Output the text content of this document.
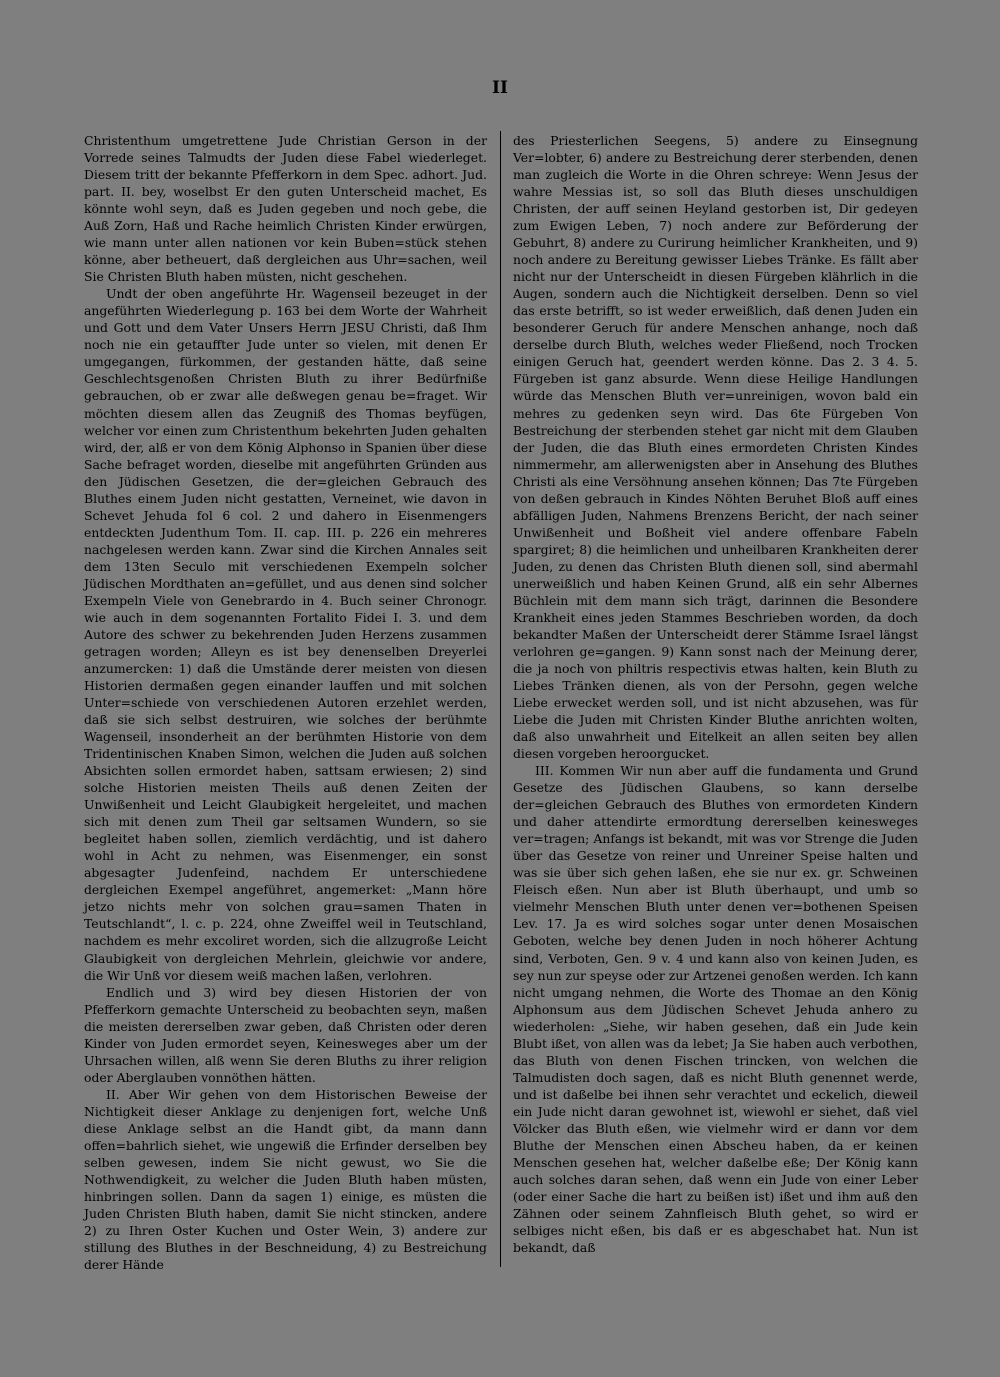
II

Christenthum umgetrettene Jude Christian Gerson in der Vorrede seines Talmudts der Juden diese Fabel wiederleget. Diesem tritt der bekannte Pfefferkorn in dem Spec. adhort. Jud. part. II. bey, woselbst Er den guten Unterscheid machet, Es könnte wohl seyn, daß es Juden gegeben und noch gebe, die Auß Zorn, Haß und Rache heimlich Christen Kinder erwürgen, wie mann unter allen nationen vor kein Buben=stück stehen könne, aber betheuert, daß dergleichen aus Uhr=sachen, weil Sie Christen Bluth haben müsten, nicht geschehen.

Undt der oben angeführte Hr. Wagenseil bezeuget in der angeführten Wiederlegung p. 163 bei dem Worte der Wahrheit und Gott und dem Vater Unsers Herrn JESU Christi, daß Ihm noch nie ein getauffter Jude unter so vielen, mit denen Er umgegangen, fürkommen, der gestanden hätte, daß seine Geschlechtsgenoßen Christen Bluth zu ihrer Bedürfniße gebrauchen, ob er zwar alle deßwegen genau be=fraget. Wir möchten diesem allen das Zeugniß des Thomas beyfügen, welcher vor einen zum Christenthum bekehrten Juden gehalten wird, der, alß er von dem König Alphonso in Spanien über diese Sache befraget worden, dieselbe mit angeführten Gründen aus den Jüdischen Gesetzen, die der=gleichen Gebrauch des Bluthes einem Juden nicht gestatten, Verneinet, wie davon in Schevet Jehuda fol 6 col. 2 und dahero in Eisenmengers entdeckten Judenthum Tom. II. cap. III. p. 226 ein mehreres nachgelesen werden kann. Zwar sind die Kirchen Annales seit dem 13ten Seculo mit verschiedenen Exempeln solcher Jüdischen Mordthaten an=gefüllet, und aus denen sind solcher Exempeln Viele von Genebrardo in 4. Buch seiner Chronogr. wie auch in dem sogenannten Fortalito Fidei I. 3. und dem Autore des schwer zu bekehrenden Juden Herzens zusammen getragen worden; Alleyn es ist bey denenselben Dreyerlei anzumercken: 1) daß die Umstände derer meisten von diesen Historien dermaßen gegen einander lauffen und mit solchen Unter=schiede von verschiedenen Autoren erzehlet werden, daß sie sich selbst destruiren, wie solches der berühmte Wagenseil, insonderheit an der berühmten Historie von dem Tridentinischen Knaben Simon, welchen die Juden auß solchen Absichten sollen ermordet haben, sattsam erwiesen; 2) sind solche Historien meisten Theils auß denen Zeiten der Unwißenheit und Leicht Glaubigkeit hergeleitet, und machen sich mit denen zum Theil gar seltsamen Wundern, so sie begleitet haben sollen, ziemlich verdächtig, und ist dahero wohl in Acht zu nehmen, was Eisenmenger, ein sonst abgesagter Judenfeind, nachdem Er unterschiedene dergleichen Exempel angeführet, angemerket: „Mann höre jetzo nichts mehr von solchen grau=samen Thaten in Teutschlandt“, l. c. p. 224, ohne Zweiffel weil in Teutschland, nachdem es mehr excoliret worden, sich die allzugroße Leicht Glaubigkeit von dergleichen Mehrlein, gleichwie vor andere, die Wir Unß vor diesem weiß machen laßen, verlohren.

Endlich und 3) wird bey diesen Historien der von Pfefferkorn gemachte Unterscheid zu beobachten seyn, maßen die meisten dererselben zwar geben, daß Christen oder deren Kinder von Juden ermordet seyen, Keinesweges aber um der Uhrsachen willen, alß wenn Sie deren Bluths zu ihrer religion oder Aberglauben vonnöthen hätten.

II. Aber Wir gehen von dem Historischen Beweise der Nichtigkeit dieser Anklage zu denjenigen fort, welche Unß diese Anklage selbst an die Handt gibt, da mann dann offen=bahrlich siehet, wie ungewiß die Erfinder derselben bey selben gewesen, indem Sie nicht gewust, wo Sie die Nothwendigkeit, zu welcher die Juden Bluth haben müsten, hinbringen sollen. Dann da sagen 1) einige, es müsten die Juden Christen Bluth haben, damit Sie nicht stincken, andere 2) zu Ihren Oster Kuchen und Oster Wein, 3) andere zur stillung des Bluthes in der Beschneidung, 4) zu Bestreichung derer Hände

des Priesterlichen Seegens, 5) andere zu Einsegnung Ver=lobter, 6) andere zu Bestreichung derer sterbenden, denen man zugleich die Worte in die Ohren schreye: Wenn Jesus der wahre Messias ist, so soll das Bluth dieses unschuldigen Christen, der auff seinen Heyland gestorben ist, Dir gedeyen zum Ewigen Leben, 7) noch andere zur Beförderung der Gebuhrt, 8) andere zu Curirung heimlicher Krankheiten, und 9) noch andere zu Bereitung gewisser Liebes Tränke. Es fällt aber nicht nur der Unterscheidt in diesen Fürgeben klährlich in die Augen, sondern auch die Nichtigkeit derselben. Denn so viel das erste betrifft, so ist weder erweißlich, daß denen Juden ein besonderer Geruch für andere Menschen anhange, noch daß derselbe durch Bluth, welches weder Fließend, noch Trocken einigen Geruch hat, geendert werden könne. Das 2. 3 4. 5. Fürgeben ist ganz absurde. Wenn diese Heilige Handlungen würde das Menschen Bluth ver=unreinigen, wovon bald ein mehres zu gedenken seyn wird. Das 6te Fürgeben Von Bestreichung der sterbenden stehet gar nicht mit dem Glauben der Juden, die das Bluth eines ermordeten Christen Kindes nimmermehr, am allerwenigsten aber in Ansehung des Bluthes Christi als eine Versöhnung ansehen können; Das 7te Fürgeben von deßen gebrauch in Kindes Nöhten Beruhet Bloß auff eines abfälligen Juden, Nahmens Brenzens Bericht, der nach seiner Unwißenheit und Boßheit viel andere offenbare Fabeln spargiret; 8) die heimlichen und unheilbaren Krankheiten derer Juden, zu denen das Christen Bluth dienen soll, sind abermahl unerweißlich und haben Keinen Grund, alß ein sehr Albernes Büchlein mit dem mann sich trägt, darinnen die Besondere Krankheit eines jeden Stammes Beschrieben worden, da doch bekandter Maßen der Unterscheidt derer Stämme Israel längst verlohren ge=gangen. 9) Kann sonst nach der Meinung derer, die ja noch von philtris respectivis etwas halten, kein Bluth zu Liebes Tränken dienen, als von der Persohn, gegen welche Liebe erwecket werden soll, und ist nicht abzusehen, was für Liebe die Juden mit Christen Kinder Bluthe anrichten wolten, daß also unwahrheit und Eitelkeit an allen seiten bey allen diesen vorgeben heroorgucket.

III. Kommen Wir nun aber auff die fundamenta und Grund Gesetze des Jüdischen Glaubens, so kann derselbe der=gleichen Gebrauch des Bluthes von ermordeten Kindern und daher attendirte ermordtung dererselben keinesweges ver=tragen; Anfangs ist bekandt, mit was vor Strenge die Juden über das Gesetze von reiner und Unreiner Speise halten und was sie über sich gehen laßen, ehe sie nur ex. gr. Schweinen Fleisch eßen. Nun aber ist Bluth überhaupt, und umb so vielmehr Menschen Bluth unter denen ver=bothenen Speisen Lev. 17. Ja es wird solches sogar unter denen Mosaischen Geboten, welche bey denen Juden in noch höherer Achtung sind, Verboten, Gen. 9 v. 4 und kann also von keinen Juden, es sey nun zur speyse oder zur Artzenei genoßen werden. Ich kann nicht umgang nehmen, die Worte des Thomae an den König Alphonsum aus dem Jüdischen Schevet Jehuda anhero zu wiederholen: „Siehe, wir haben gesehen, daß ein Jude kein Blubt ißet, von allen was da lebet; Ja Sie haben auch verbothen, das Bluth von denen Fischen trincken, von welchen die Talmudisten doch sagen, daß es nicht Bluth genennet werde, und ist daßelbe bei ihnen sehr verachtet und eckelich, dieweil ein Jude nicht daran gewohnet ist, wiewohl er siehet, daß viel Völcker das Bluth eßen, wie vielmehr wird er dann vor dem Bluthe der Menschen einen Abscheu haben, da er keinen Menschen gesehen hat, welcher daßelbe eße; Der König kann auch solches daran sehen, daß wenn ein Jude von einer Leber (oder einer Sache die hart zu beißen ist) ißet und ihm auß den Zähnen oder seinem Zahnfleisch Bluth gehet, so wird er selbiges nicht eßen, bis daß er es abgeschabet hat. Nun ist bekandt, daß
